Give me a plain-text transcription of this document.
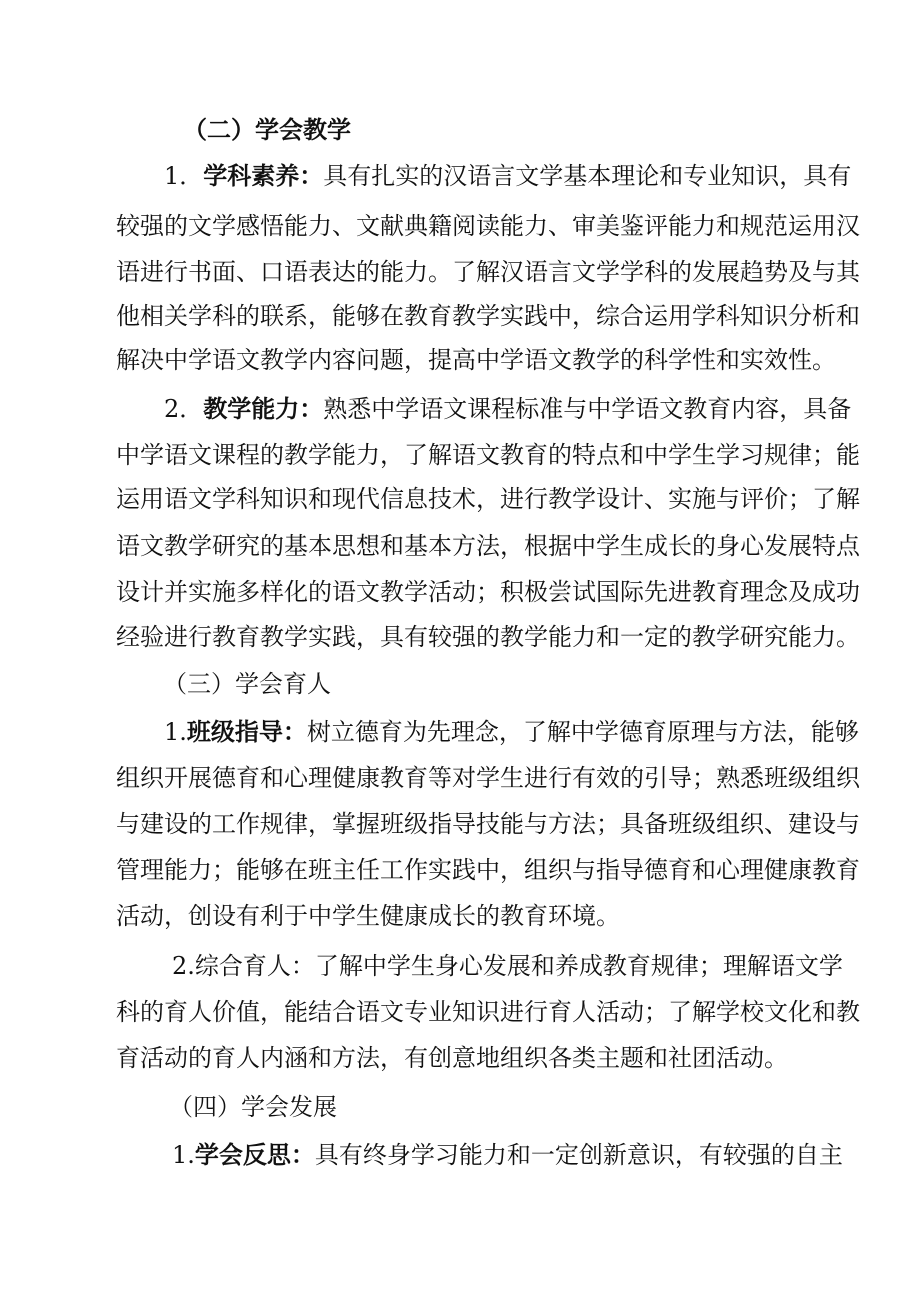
（二）学会教学
1．学科素养：具有扎实的汉语言文学基本理论和专业知识，具有
较强的文学感悟能力、文献典籍阅读能力、审美鉴评能力和规范运用汉
语进行书面、口语表达的能力。了解汉语言文学学科的发展趋势及与其
他相关学科的联系，能够在教育教学实践中，综合运用学科知识分析和
解决中学语文教学内容问题，提高中学语文教学的科学性和实效性。
2．教学能力：熟悉中学语文课程标准与中学语文教育内容，具备
中学语文课程的教学能力，了解语文教育的特点和中学生学习规律；能
运用语文学科知识和现代信息技术，进行教学设计、实施与评价；了解
语文教学研究的基本思想和基本方法，根据中学生成长的身心发展特点
设计并实施多样化的语文教学活动；积极尝试国际先进教育理念及成功
经验进行教育教学实践，具有较强的教学能力和一定的教学研究能力。
（三）学会育人
1.班级指导：树立德育为先理念，了解中学德育原理与方法，能够
组织开展德育和心理健康教育等对学生进行有效的引导；熟悉班级组织
与建设的工作规律，掌握班级指导技能与方法；具备班级组织、建设与
管理能力；能够在班主任工作实践中，组织与指导德育和心理健康教育
活动，创设有利于中学生健康成长的教育环境。
2.综合育人：了解中学生身心发展和养成教育规律；理解语文学
科的育人价值，能结合语文专业知识进行育人活动；了解学校文化和教
育活动的育人内涵和方法，有创意地组织各类主题和社团活动。
（四）学会发展
1.学会反思：具有终身学习能力和一定创新意识，有较强的自主
